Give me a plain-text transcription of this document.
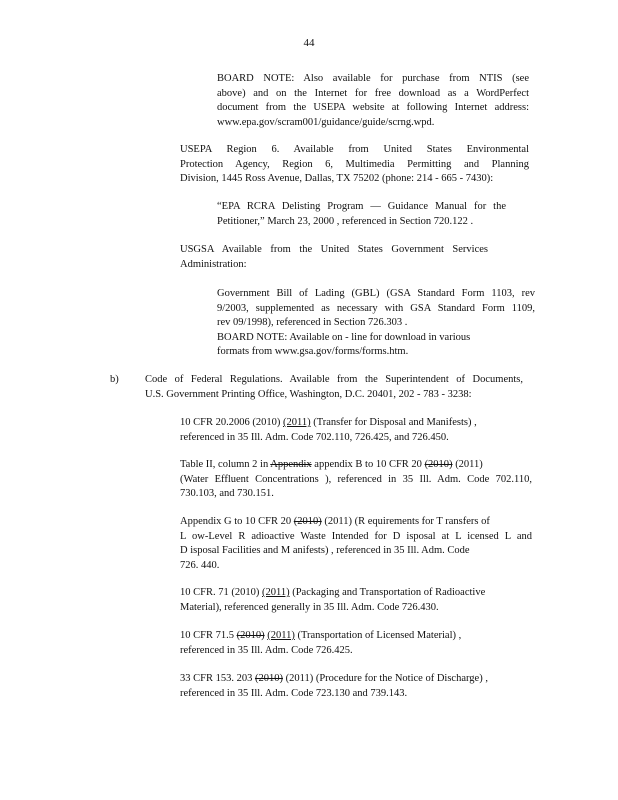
44
BOARD NOTE: Also available for purchase from NTIS (see
above) and on the Internet for free download as a WordPerfect
document from the USEPA website at following Internet address:
www.epa.gov/scram001/guidance/guide/scrng.wpd.
USEPA Region 6. Available from United States Environmental
Protection Agency, Region 6, Multimedia Permitting and Planning
Division, 1445 Ross Avenue, Dallas, TX 75202 (phone: 214 - 665 - 7430):
“EPA RCRA Delisting Program — Guidance Manual for the
Petitioner,” March 23, 2000 , referenced in Section 720.122 .
USGSA Available from the United States Government Services
Administration:
Government Bill of Lading (GBL) (GSA Standard Form 1103, rev
9/2003, supplemented as necessary with GSA Standard Form 1109,
rev 09/1998), referenced in Section 726.303 .
BOARD NOTE: Available on - line for download in various
formats from www.gsa.gov/forms/forms.htm.
b)	Code of Federal Regulations. Available from the Superintendent of Documents,
U.S. Government Printing Office, Washington, D.C. 20401, 202 - 783 - 3238:
10 CFR 20.2006 (2010) (2011) (Transfer for Disposal and Manifests) ,
referenced in 35 Ill. Adm. Code 702.110, 726.425, and 726.450.
Table II, column 2 in Appendix appendix B to 10 CFR 20 (2010) (2011)
(Water Effluent Concentrations ), referenced in 35 Ill. Adm. Code 702.110,
730.103, and 730.151.
Appendix G to 10 CFR 20 (2010) (2011) (R equirements for T ransfers of
L ow-Level R adioactive Waste Intended for D isposal at L icensed L and
D isposal Facilities and M anifests) , referenced in 35 Ill. Adm. Code
726. 440.
10 CFR. 71 (2010) (2011) (Packaging and Transportation of Radioactive
Material), referenced generally in 35 Ill. Adm. Code 726.430.
10 CFR 71.5 (2010) (2011) (Transportation of Licensed Material) ,
referenced in 35 Ill. Adm. Code 726.425.
33 CFR 153. 203 (2010) (2011) (Procedure for the Notice of Discharge) ,
referenced in 35 Ill. Adm. Code 723.130 and 739.143.
